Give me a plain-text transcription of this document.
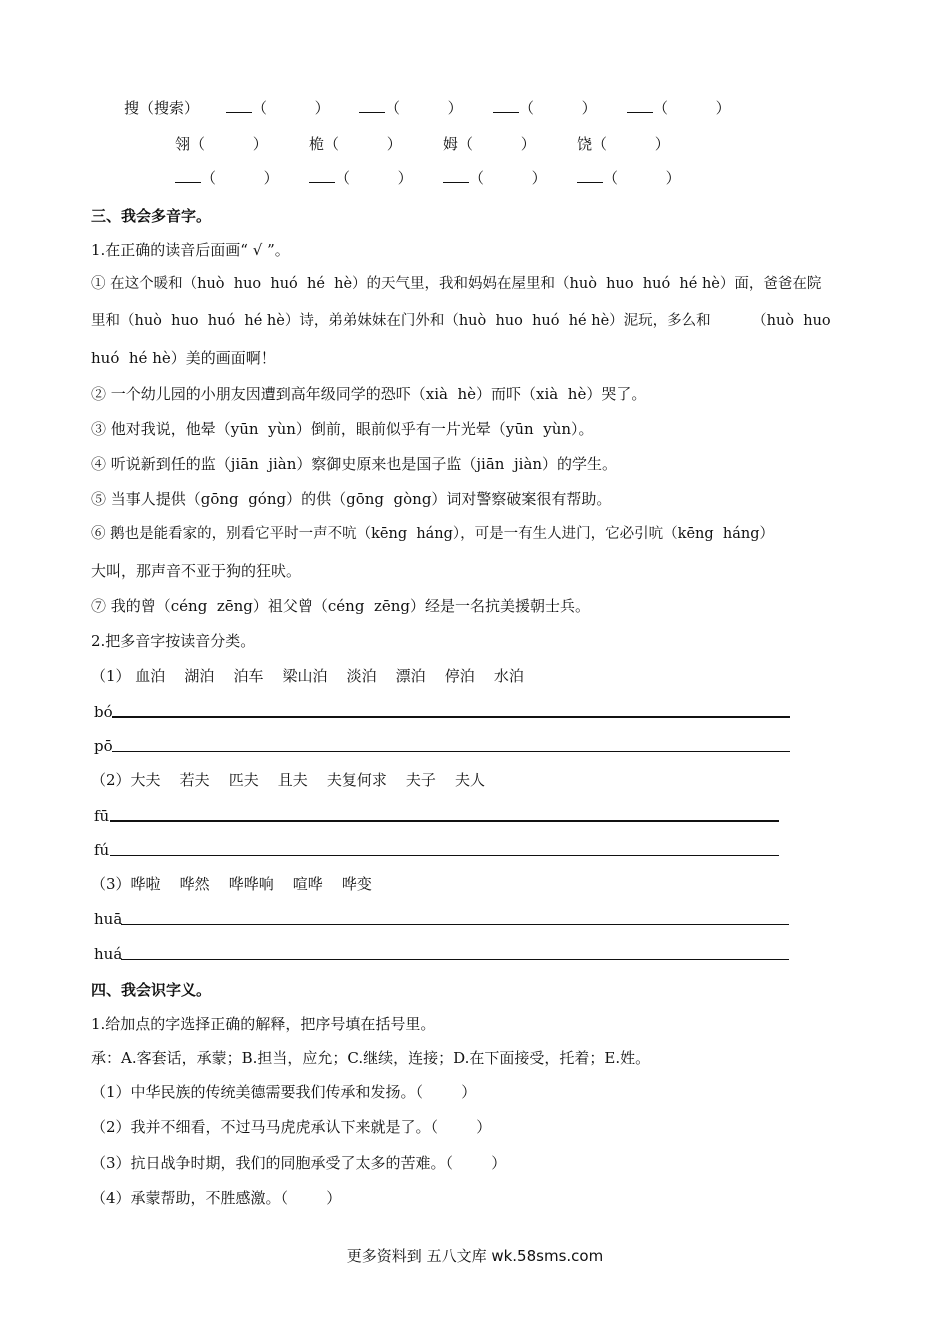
搜（搜索）	（          ）	（          ）	（          ）	（          ）
翎（          ）	桅（          ）	姆（          ）	饶（          ）
（          ）	（          ）	（          ）	（          ）
三、我会多音字。
1.在正确的读音后面画“ √ ”。
① 在这个暖和（huò  huo  huó  hé  hè）的天气里，我和妈妈在屋里和（huò  huo  huó  hé hè）面，爸爸在院
里和（huò  huo  huó  hé hè）诗，弟弟妹妹在门外和（huò  huo  huó  hé hè）泥玩，多么和         （huò  huo
huó  hé hè）美的画面啊！
② 一个幼儿园的小朋友因遭到高年级同学的恐吓（xià  hè）而吓（xià  hè）哭了。
③ 他对我说，他晕（yūn  yùn）倒前，眼前似乎有一片光晕（yūn  yùn）。
④ 听说新到任的监（jiān  jiàn）察御史原来也是国子监（jiān  jiàn）的学生。
⑤ 当事人提供（gōng  góng）的供（gōng  gòng）词对警察破案很有帮助。
⑥ 鹅也是能看家的，别看它平时一声不吭（kēng  háng），可是一有生人进门，它必引吭（kēng  háng）
大叫，那声音不亚于狗的狂吠。
⑦ 我的曾（céng  zēng）祖父曾（céng  zēng）经是一名抗美援朝士兵。
2.把多音字按读音分类。
（1） 血泊    湖泊    泊车    梁山泊    淡泊    漂泊    停泊    水泊
bó
pō
（2）大夫    若夫    匹夫    且夫    夫复何求    夫子    夫人
fū
fú
（3）哗啦    哗然    哗哗响    喧哗    哗变
huā
huá
四、我会识字义。
1.给加点的字选择正确的解释，把序号填在括号里。
承：A.客套话，承蒙；B.担当，应允；C.继续，连接；D.在下面接受，托着；E.姓。
（1）中华民族的传统美德需要我们传承和发扬。（        ）
（2）我并不细看，不过马马虎虎承认下来就是了。（        ）
（3）抗日战争时期，我们的同胞承受了太多的苦难。（        ）
（4）承蒙帮助，不胜感激。（        ）
更多资料到 五八文库 wk.58sms.com
